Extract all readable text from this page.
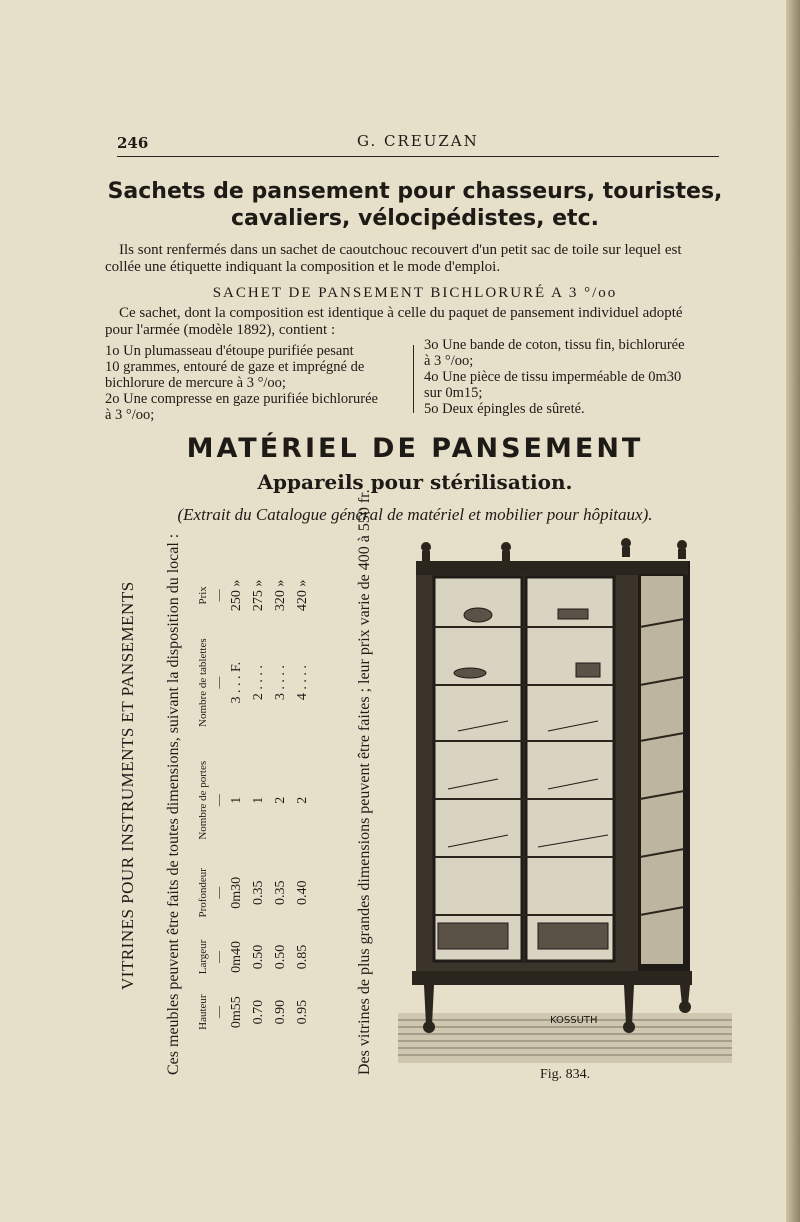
246	G. CREUZAN
Sachets de pansement pour chasseurs, touristes,
cavaliers, vélocipédistes, etc.
Ils sont renfermés dans un sachet de caoutchouc recouvert d'un petit sac de toile sur lequel est
collée une étiquette indiquant la composition et le mode d'emploi.
SACHET DE PANSEMENT BICHLORURÉ A 3 °/oo
Ce sachet, dont la composition est identique à celle du paquet de pansement individuel adopté
pour l'armée (modèle 1892), contient :
1o Un plumasseau d'étoupe purifiée pesant
10 grammes, entouré de gaze et imprégné de
bichlorure de mercure à 3 °/oo;
2o Une compresse en gaze purifiée bichlorurée
à 3 °/oo;
3o Une bande de coton, tissu fin, bichlorurée
à 3 °/oo;
4o Une pièce de tissu imperméable de 0m30
sur 0m15;
5o Deux épingles de sûreté.
MATÉRIEL DE PANSEMENT
Appareils pour stérilisation.
(Extrait du Catalogue général de matériel et mobilier pour hôpitaux).
VITRINES POUR INSTRUMENTS ET PANSEMENTS Ces meubles peuvent être faits de toutes dimensions, suivant la disposition du local :	Des vitrines de plus grandes dimensions peuvent être faites ; leur prix varie de 400 à 550 fr.
Hauteur	Largeur	Profondeur	Nombre de portes	Nombre de tablettes	Prix
—	—	—	—	—	—
0m55	0m40	0m30	1	3 . . . F.	250 »
0.70	0.50	0.35	1	2 . . . .	275 »
0.90	0.50	0.35	2	3 . . . .	320 »
0.95	0.85	0.40	2	4 . . . .	420 »
KOSSUTH
Fig. 834.
